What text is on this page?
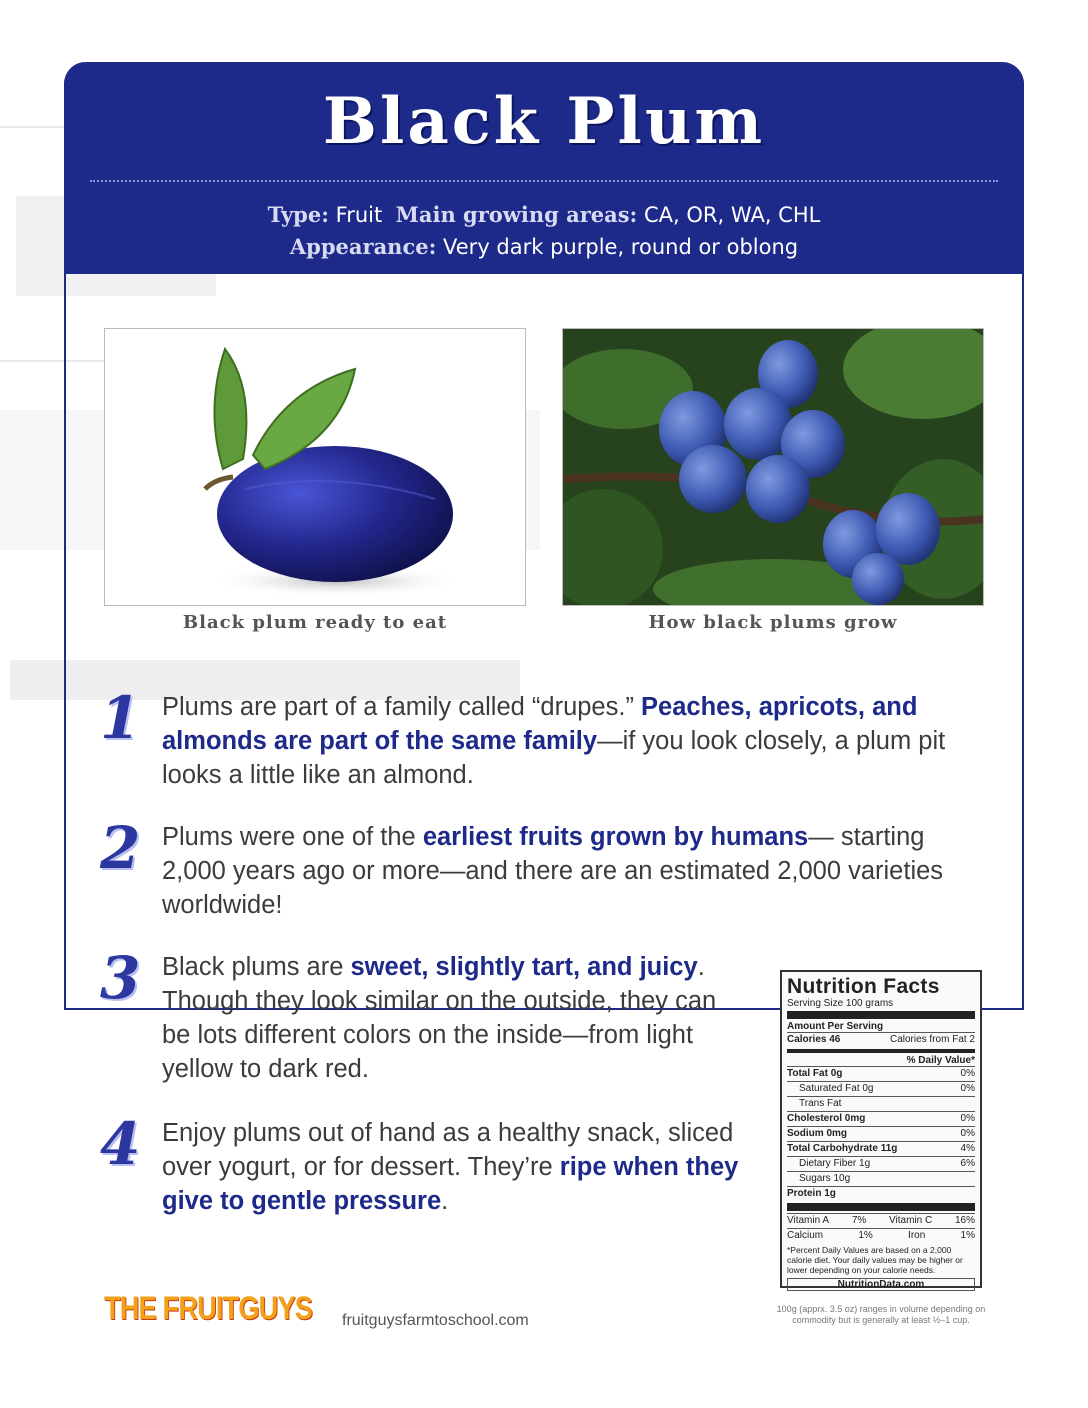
Black Plum
Type: Fruit Main growing areas: CA, OR, WA, CHL
Appearance: Very dark purple, round or oblong
Black plum ready to eat	How black plums grow
1 Plums are part of a family called “drupes.” Peaches, apricots, and almonds are part of the same family—if you look closely, a plum pit looks a little like an almond.
2 Plums were one of the earliest fruits grown by humans— starting 2,000 years ago or more—and there are an estimated 2,000 varieties worldwide!
3 Black plums are sweet, slightly tart, and juicy. Though they look similar on the outside, they can be lots different colors on the inside—from light yellow to dark red.
4 Enjoy plums out of hand as a healthy snack, sliced over yogurt, or for dessert. They’re ripe when they give to gentle pressure.
Nutrition Facts
Serving Size 100 grams
Amount Per Serving
Calories 46	Calories from Fat 2
% Daily Value*
Total Fat 0g	0%
Saturated Fat 0g	0%
Trans Fat
Cholesterol 0mg	0%
Sodium 0mg	0%
Total Carbohydrate 11g	4%
Dietary Fiber 1g	6%
Sugars 10g
Protein 1g
Vitamin A 7% Vitamin C 16%
Calcium	1%	Iron	1%
*Percent Daily Values are based on a 2,000 calorie diet. Your daily values may be higher or lower depending on your calorie needs.
NutritionData.com
100g (apprx. 3.5 oz) ranges in volume depending on commodity but is generally at least ½–1 cup.
THE FRUITGUYS fruitguysfarmtoschool.com
